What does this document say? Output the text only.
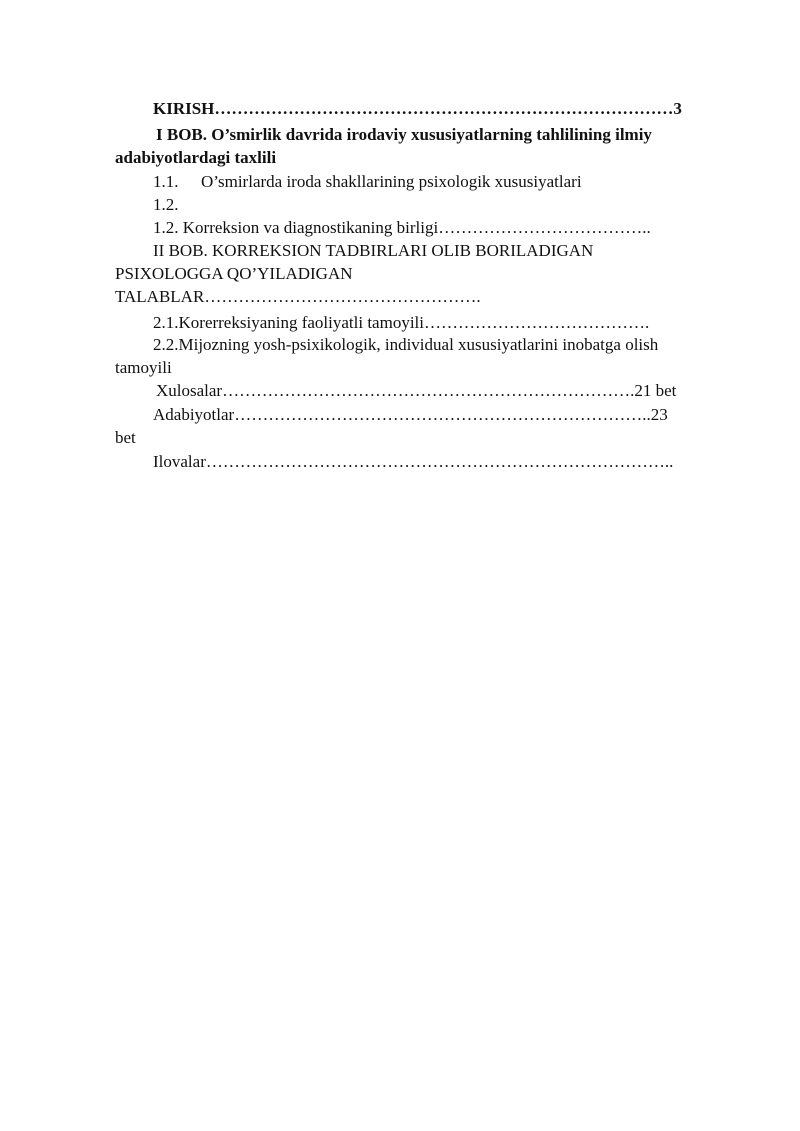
KIRISH………………………………………………………………………3
I BOB. O’smirlik davrida irodaviy xususiyatlarning tahlilining ilmiy
adabiyotlardagi taxlili
1.1. O’smirlarda iroda shakllarining psixologik xususiyatlari
1.2.
1.2. Korreksion va diagnostikaning birligi………………………………..
II BOB. KORREKSION TADBIRLARI OLIB BORILADIGAN
PSIXOLOGGA QO’YILADIGAN
TALABLAR………………………………………….
2.1.Korerreksiyaning faoliyatli tamoyili………………………………….
2.2.Mijozning yosh-psixikologik, individual xususiyatlarini inobatga olish
tamoyili
Xulosalar……………………………………………………………….21 bet
Adabiyotlar………………………………………………………………..23
bet
Ilovalar………………………………………………………………………..
